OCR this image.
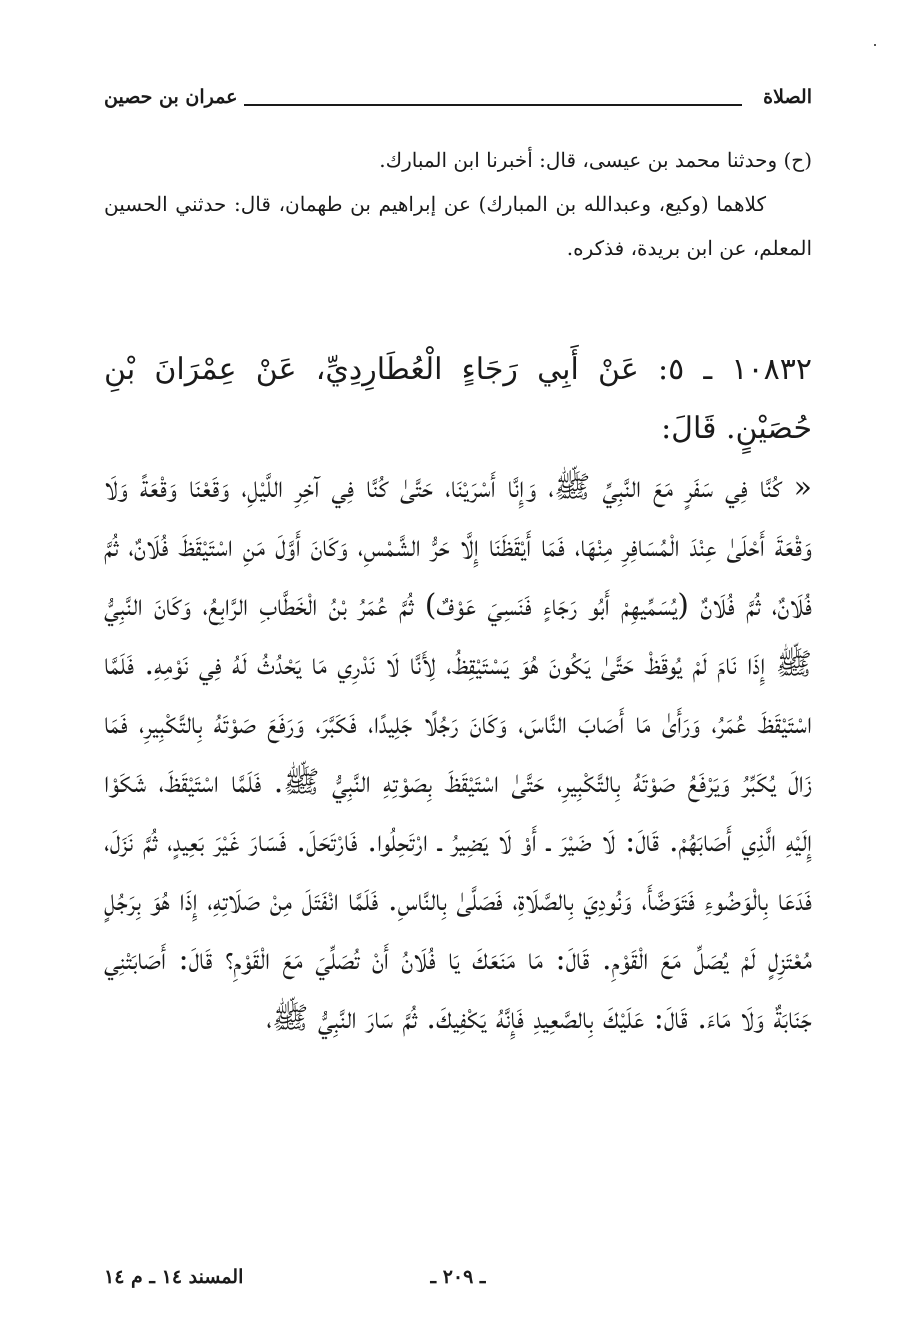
الصلاة
عمران بن حصين

(ح) وحدثنا محمد بن عيسى، قال: أخبرنا ابن المبارك.

كلاهما (وكيع، وعبدالله بن المبارك) عن إبراهيم بن طهمان، قال: حدثني الحسين المعلم، عن ابن بريدة، فذكره.

١٠٨٣٢ ـ ٥: عَنْ أَبِي رَجَاءٍ الْعُطَارِدِيِّ، عَنْ عِمْرَانَ بْنِ حُصَيْنٍ. قَالَ:

« كُنَّا فِي سَفَرٍ مَعَ النَّبِيِّ ﷺ، وَإِنَّا أَسْرَيْنَا، حَتَّىٰ كُنَّا فِي آخِرِ اللَّيْلِ، وَقَعْنَا وَقْعَةً وَلَا وَقْعَةَ أَحْلَىٰ عِنْدَ الْمُسَافِرِ مِنْهَا، فَمَا أَيْقَظَنَا إِلَّا حَرُّ الشَّمْسِ، وَكَانَ أَوَّلَ مَنِ اسْتَيْقَظَ فُلَانٌ، ثُمَّ فُلَانٌ، ثُمَّ فُلَانٌ (يُسَمِّيهِمْ أَبُو رَجَاءٍ فَنَسِيَ عَوْفٌ) ثُمَّ عُمَرُ بْنُ الْخَطَّابِ الرَّابِعُ، وَكَانَ النَّبِيُّ ﷺ إِذَا نَامَ لَمْ يُوقَظْ حَتَّىٰ يَكُونَ هُوَ يَسْتَيْقِظُ، لِأَنَّا لَا نَدْرِي مَا يَحْدُثُ لَهُ فِي نَوْمِهِ. فَلَمَّا اسْتَيْقَظَ عُمَرُ، وَرَأَىٰ مَا أَصَابَ النَّاسَ، وَكَانَ رَجُلًا جَلِيدًا، فَكَبَّرَ، وَرَفَعَ صَوْتَهُ بِالتَّكْبِيرِ، فَمَا زَالَ يُكَبِّرُ وَيَرْفَعُ صَوْتَهُ بِالتَّكْبِيرِ، حَتَّىٰ اسْتَيْقَظَ بِصَوْتِهِ النَّبِيُّ ﷺ. فَلَمَّا اسْتَيْقَظَ، شَكَوْا إِلَيْهِ الَّذِي أَصَابَهُمْ. قَالَ: لَا ضَيْرَ ـ أَوْ لَا يَضِيرُ ـ ارْتَحِلُوا. فَارْتَحَلَ. فَسَارَ غَيْرَ بَعِيدٍ، ثُمَّ نَزَلَ، فَدَعَا بِالْوَضُوءِ فَتَوَضَّأَ، وَنُودِيَ بِالصَّلَاةِ، فَصَلَّىٰ بِالنَّاسِ. فَلَمَّا انْفَتَلَ مِنْ صَلَاتِهِ، إِذَا هُوَ بِرَجُلٍ مُعْتَزِلٍ لَمْ يُصَلِّ مَعَ الْقَوْمِ. قَالَ: مَا مَنَعَكَ يَا فُلَانُ أَنْ تُصَلِّيَ مَعَ الْقَوْمِ؟ قَالَ: أَصَابَتْنِي جَنَابَةٌ وَلَا مَاءَ. قَالَ: عَلَيْكَ بِالصَّعِيدِ فَإِنَّهُ يَكْفِيكَ. ثُمَّ سَارَ النَّبِيُّ ﷺ،

ـ ٢٠٩ ـ
المسند ١٤ ـ م ١٤
